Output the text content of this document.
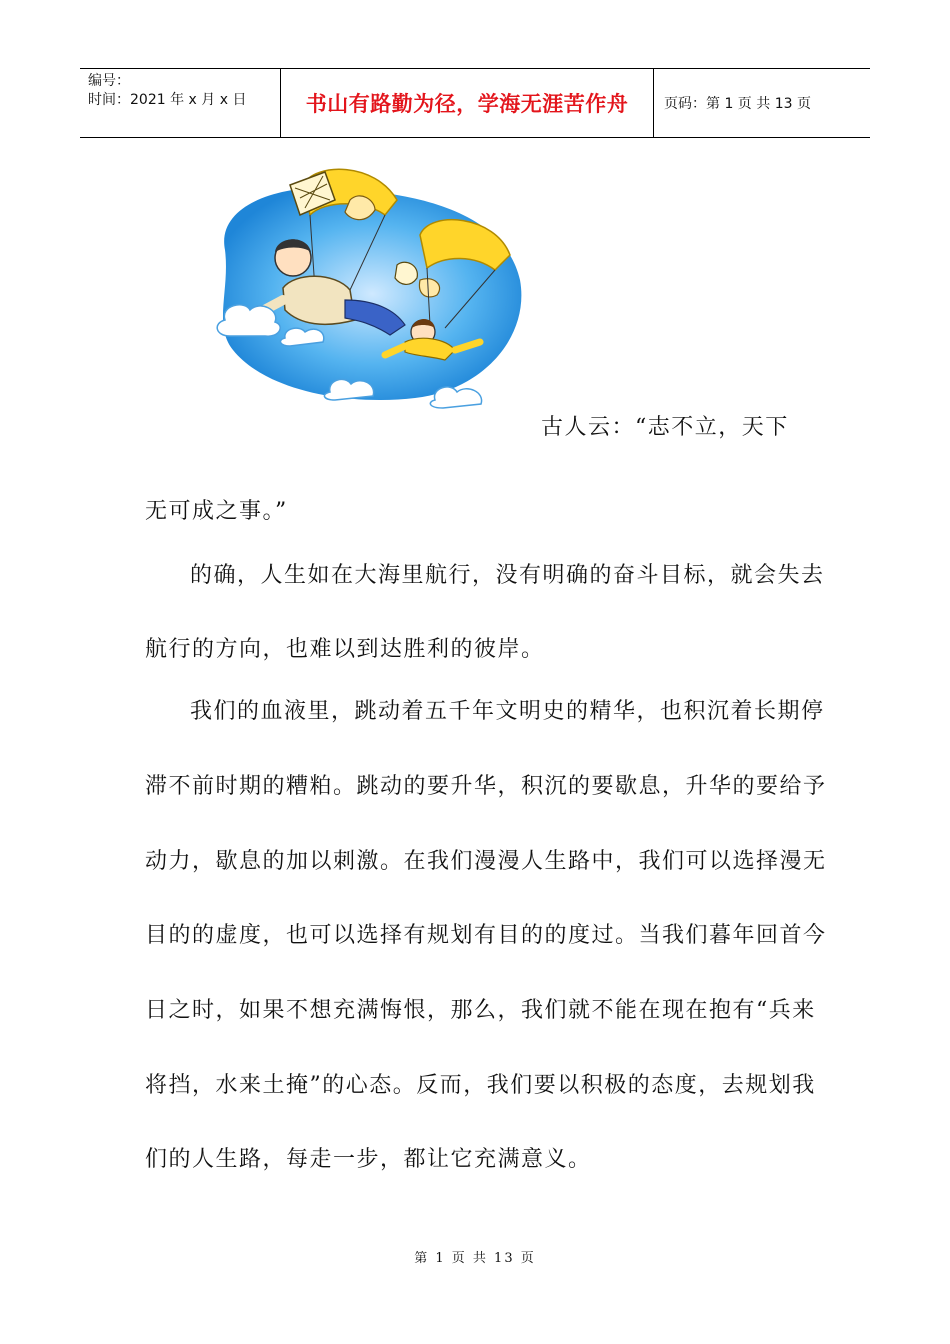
编号：
时间：2021 年 x 月 x 日	书山有路勤为径，学海无涯苦作舟	页码：第 1 页 共 13 页
古人云：“志不立，天下
无可成之事。”
的确，人生如在大海里航行，没有明确的奋斗目标，就会失去
航行的方向，也难以到达胜利的彼岸。
我们的血液里，跳动着五千年文明史的精华，也积沉着长期停
滞不前时期的糟粕。跳动的要升华，积沉的要歇息，升华的要给予
动力，歇息的加以刺激。在我们漫漫人生路中，我们可以选择漫无
目的的虚度，也可以选择有规划有目的的度过。当我们暮年回首今
日之时，如果不想充满悔恨，那么，我们就不能在现在抱有“兵来
将挡，水来土掩”的心态。反而，我们要以积极的态度，去规划我
们的人生路，每走一步，都让它充满意义。
第 1 页 共 13 页
